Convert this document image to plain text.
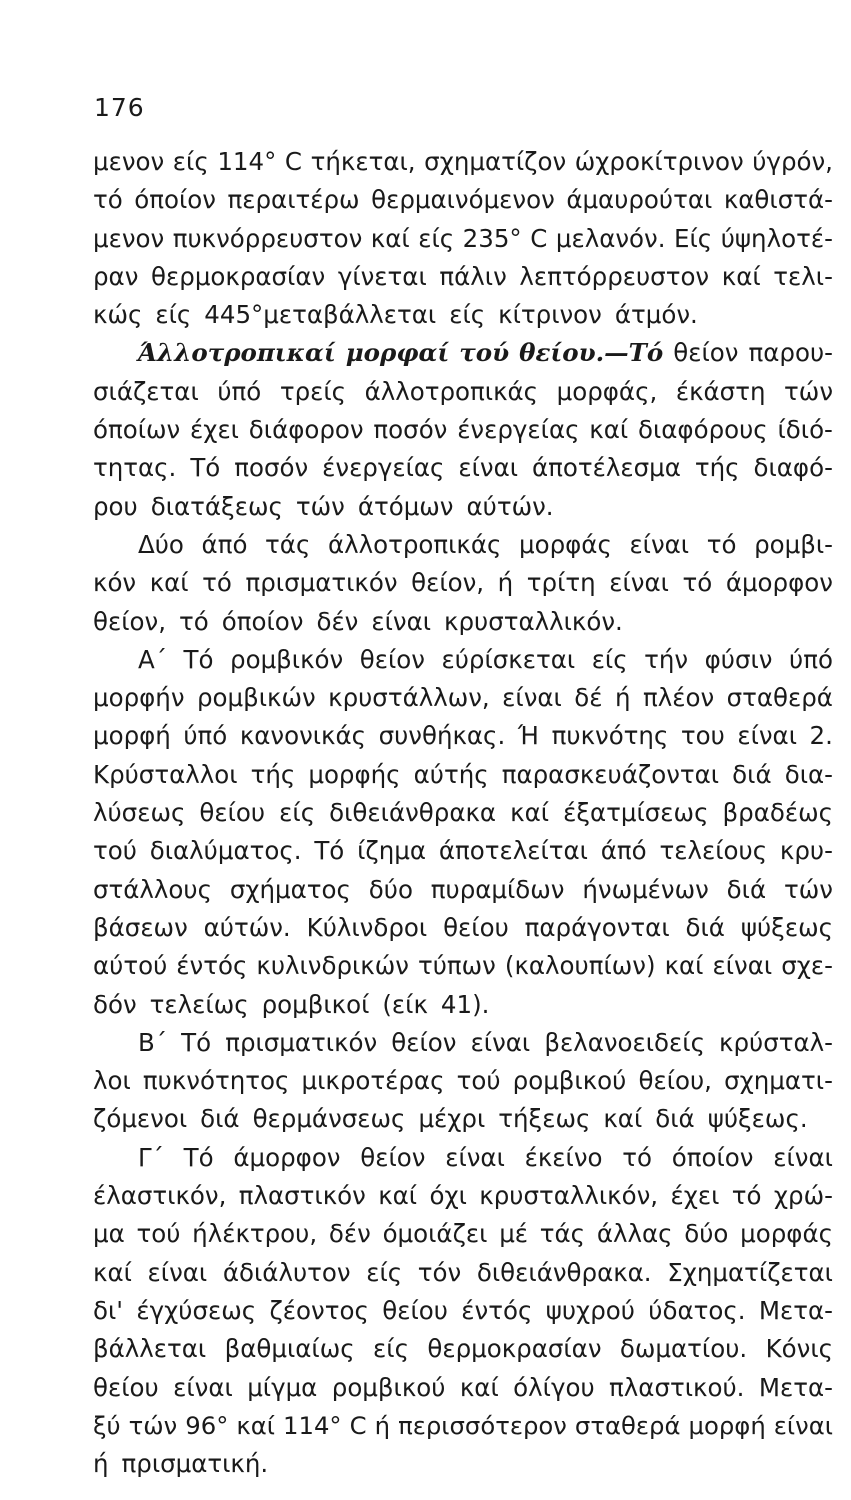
176
μενον είς 114° C τήκεται, σχηματίζον ώχροκίτρινον ύγρόν,
τό όποίον περαιτέρω θερμαινόμενον άμαυρούται καθιστά-
μενον πυκνόρρευστον καί είς 235° C μελανόν. Είς ύψηλοτέ-
ραν θερμοκρασίαν γίνεται πάλιν λεπτόρρευστον καί τελι-
κώς είς 445°μεταβάλλεται είς κίτρινον άτμόν.
Άλλοτροπικαί μορφαί τού θείου.—Τό θείον παρου-
σιάζεται ύπό τρείς άλλοτροπικάς μορφάς, έκάστη τών
όποίων έχει διάφορον ποσόν ένεργείας καί διαφόρους ίδιό-
τητας. Τό ποσόν ένεργείας είναι άποτέλεσμα τής διαφό-
ρου διατάξεως τών άτόμων αύτών.
Δύο άπό τάς άλλοτροπικάς μορφάς είναι τό ρομβι-
κόν καί τό πρισματικόν θείον, ή τρίτη είναι τό άμορφον
θείον, τό όποίον δέν είναι κρυσταλλικόν.
Α΄ Τό ρομβικόν θείον εύρίσκεται είς τήν φύσιν ύπό
μορφήν ρομβικών κρυστάλλων, είναι δέ ή πλέον σταθερά
μορφή ύπό κανονικάς συνθήκας. Ή πυκνότης του είναι 2.
Κρύσταλλοι τής μορφής αύτής παρασκευάζονται διά δια-
λύσεως θείου είς διθειάνθρακα καί έξατμίσεως βραδέως
τού διαλύματος. Τό ίζημα άποτελείται άπό τελείους κρυ-
στάλλους σχήματος δύο πυραμίδων ήνωμένων διά τών
βάσεων αύτών. Κύλινδροι θείου παράγονται διά ψύξεως
αύτού έντός κυλινδρικών τύπων (καλουπίων) καί είναι σχε-
δόν τελείως ρομβικοί (είκ 41).
Β΄ Τό πρισματικόν θείον είναι βελανοειδείς κρύσταλ-
λοι πυκνότητος μικροτέρας τού ρομβικού θείου, σχηματι-
ζόμενοι διά θερμάνσεως μέχρι τήξεως καί διά ψύξεως.
Γ΄ Τό άμορφον θείον είναι έκείνο τό όποίον είναι
έλαστικόν, πλαστικόν καί όχι κρυσταλλικόν, έχει τό χρώ-
μα τού ήλέκτρου, δέν όμοιάζει μέ τάς άλλας δύο μορφάς
καί είναι άδιάλυτον είς τόν διθειάνθρακα. Σχηματίζεται
δι' έγχύσεως ζέοντος θείου έντός ψυχρού ύδατος. Μετα-
βάλλεται βαθμιαίως είς θερμοκρασίαν δωματίου. Κόνις
θείου είναι μίγμα ρομβικού καί όλίγου πλαστικού. Μετα-
ξύ τών 96° καί 114° C ή περισσότερον σταθερά μορφή είναι
ή πρισματική.
